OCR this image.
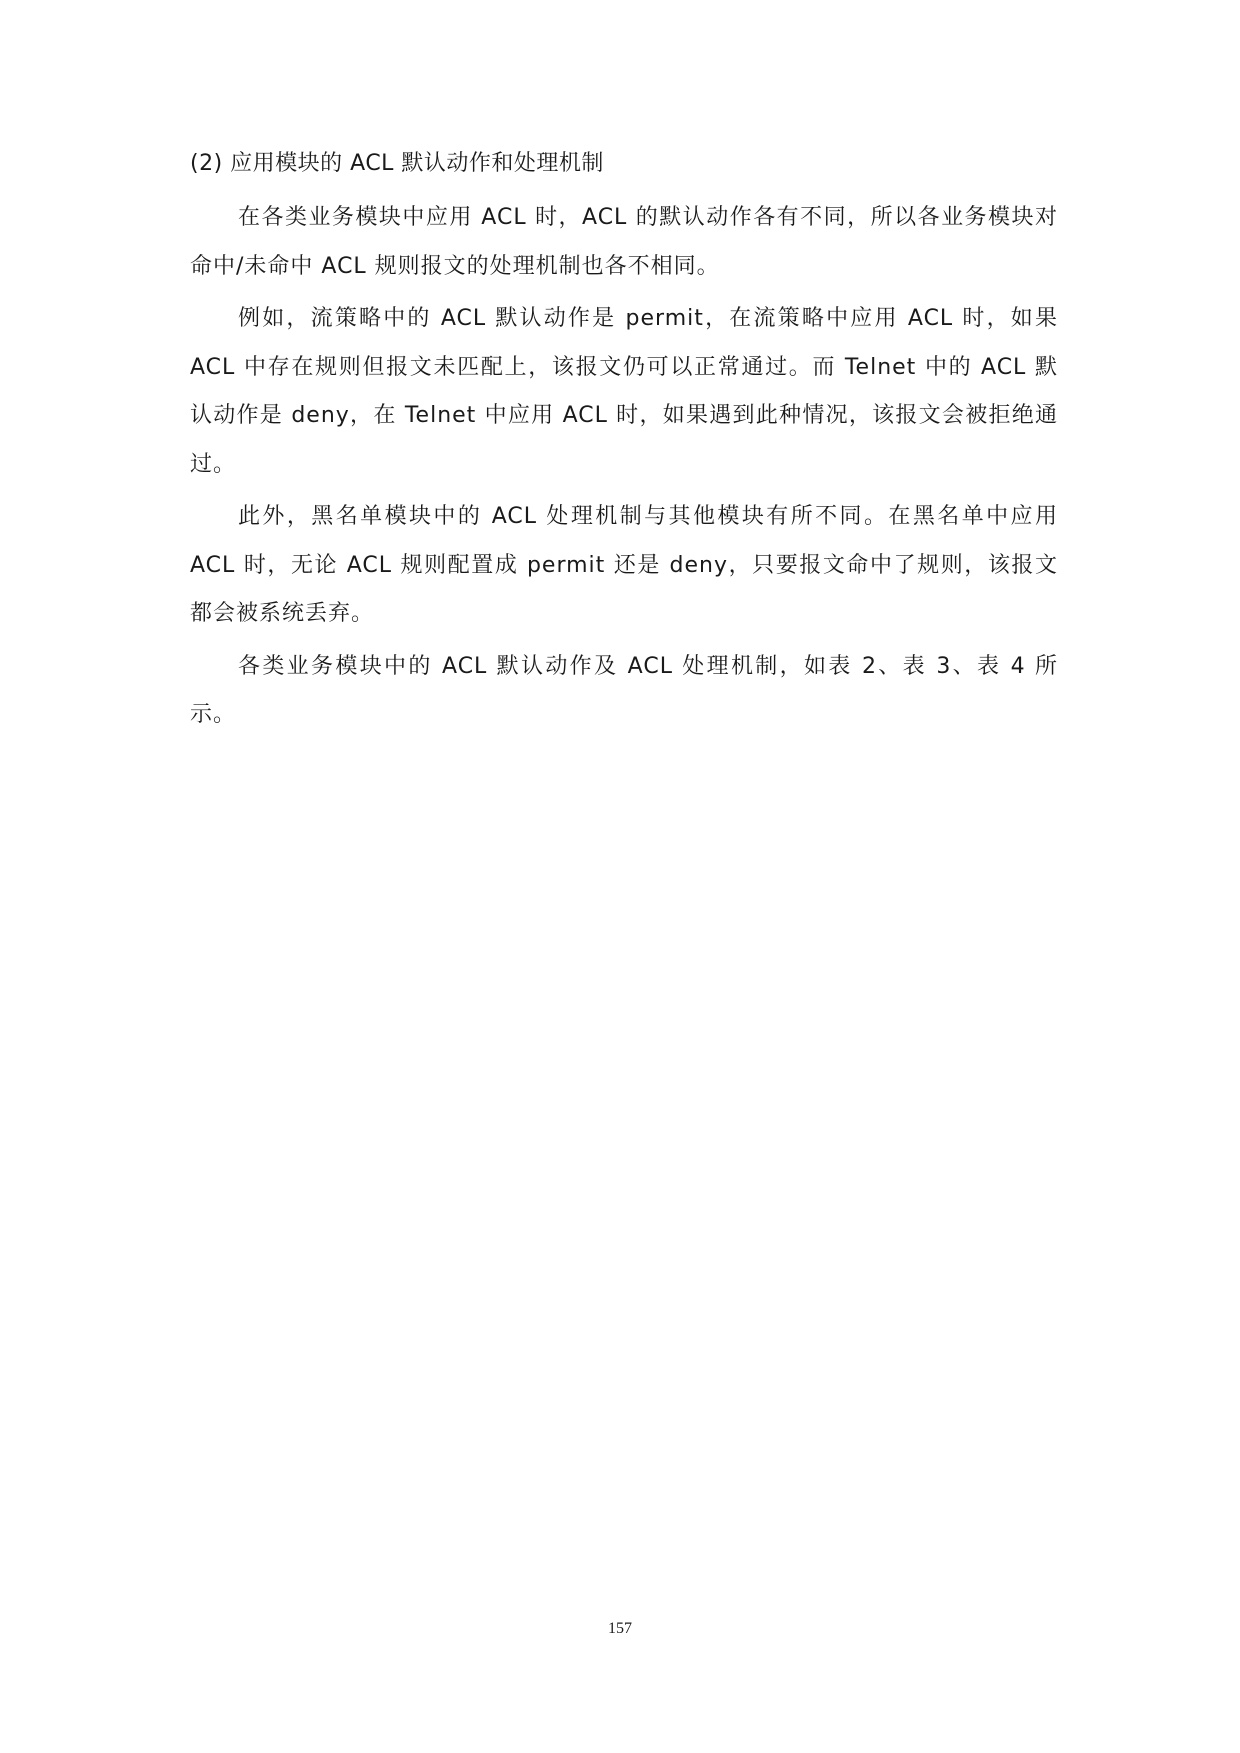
(2) 应用模块的 ACL 默认动作和处理机制

在各类业务模块中应用 ACL 时，ACL 的默认动作各有不同，所以各业务模块对命中/未命中 ACL 规则报文的处理机制也各不相同。

例如，流策略中的 ACL 默认动作是 permit，在流策略中应用 ACL 时，如果 ACL 中存在规则但报文未匹配上，该报文仍可以正常通过。而 Telnet 中的 ACL 默认动作是 deny，在 Telnet 中应用 ACL 时，如果遇到此种情况，该报文会被拒绝通过。

此外，黑名单模块中的 ACL 处理机制与其他模块有所不同。在黑名单中应用 ACL 时，无论 ACL 规则配置成 permit 还是 deny，只要报文命中了规则，该报文都会被系统丢弃。

各类业务模块中的 ACL 默认动作及 ACL 处理机制，如表 2、表 3、表 4 所示。

157
